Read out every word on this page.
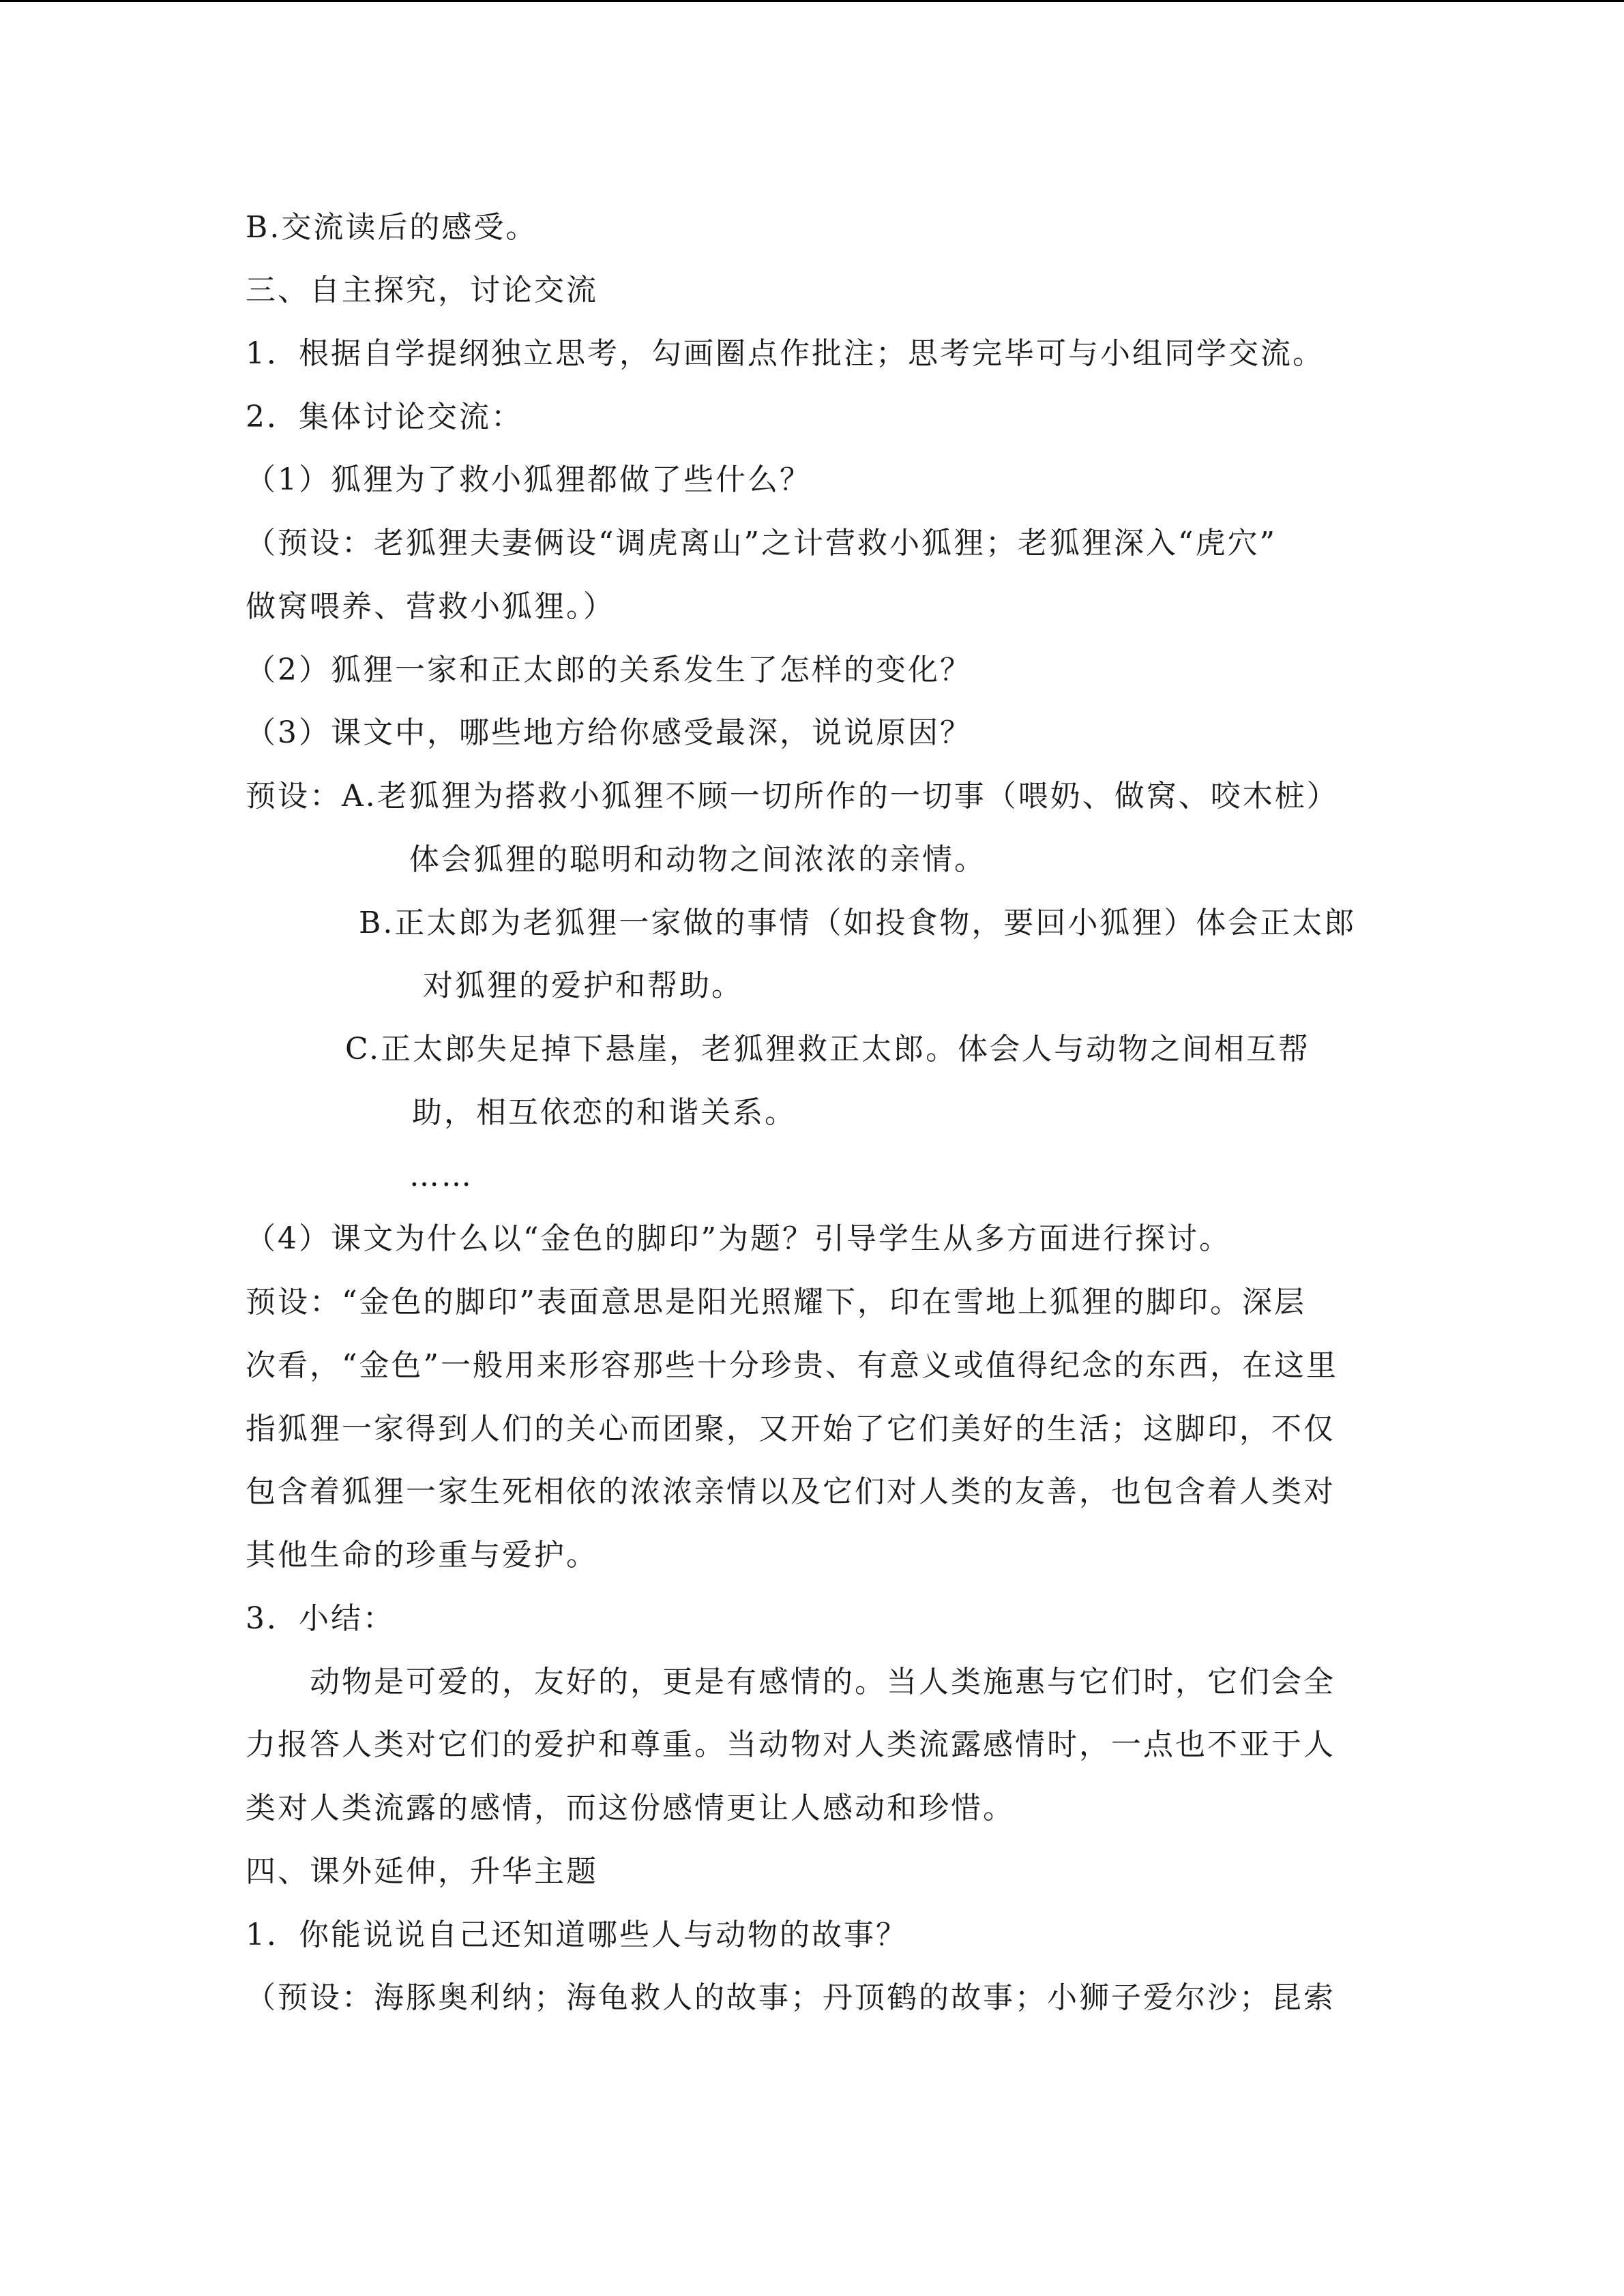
B.交流读后的感受。
三、自主探究，讨论交流
1．根据自学提纲独立思考，勾画圈点作批注；思考完毕可与小组同学交流。
2．集体讨论交流：
（1）狐狸为了救小狐狸都做了些什么？
（预设：老狐狸夫妻俩设“调虎离山”之计营救小狐狸；老狐狸深入“虎穴”
做窝喂养、营救小狐狸。）
（2）狐狸一家和正太郎的关系发生了怎样的变化？
（3）课文中，哪些地方给你感受最深，说说原因？
预设：A.老狐狸为搭救小狐狸不顾一切所作的一切事（喂奶、做窝、咬木桩）
体会狐狸的聪明和动物之间浓浓的亲情。
B.正太郎为老狐狸一家做的事情（如投食物，要回小狐狸）体会正太郎
对狐狸的爱护和帮助。
C.正太郎失足掉下悬崖，老狐狸救正太郎。体会人与动物之间相互帮
助，相互依恋的和谐关系。
……
（4）课文为什么以“金色的脚印”为题？引导学生从多方面进行探讨。
预设：“金色的脚印”表面意思是阳光照耀下，印在雪地上狐狸的脚印。深层
次看，“金色”一般用来形容那些十分珍贵、有意义或值得纪念的东西，在这里
指狐狸一家得到人们的关心而团聚，又开始了它们美好的生活；这脚印，不仅
包含着狐狸一家生死相依的浓浓亲情以及它们对人类的友善，也包含着人类对
其他生命的珍重与爱护。
3．小结：
动物是可爱的，友好的，更是有感情的。当人类施惠与它们时，它们会全
力报答人类对它们的爱护和尊重。当动物对人类流露感情时，一点也不亚于人
类对人类流露的感情，而这份感情更让人感动和珍惜。
四、课外延伸，升华主题
1．你能说说自己还知道哪些人与动物的故事？
（预设：海豚奥利纳；海龟救人的故事；丹顶鹤的故事；小狮子爱尔沙；昆索
